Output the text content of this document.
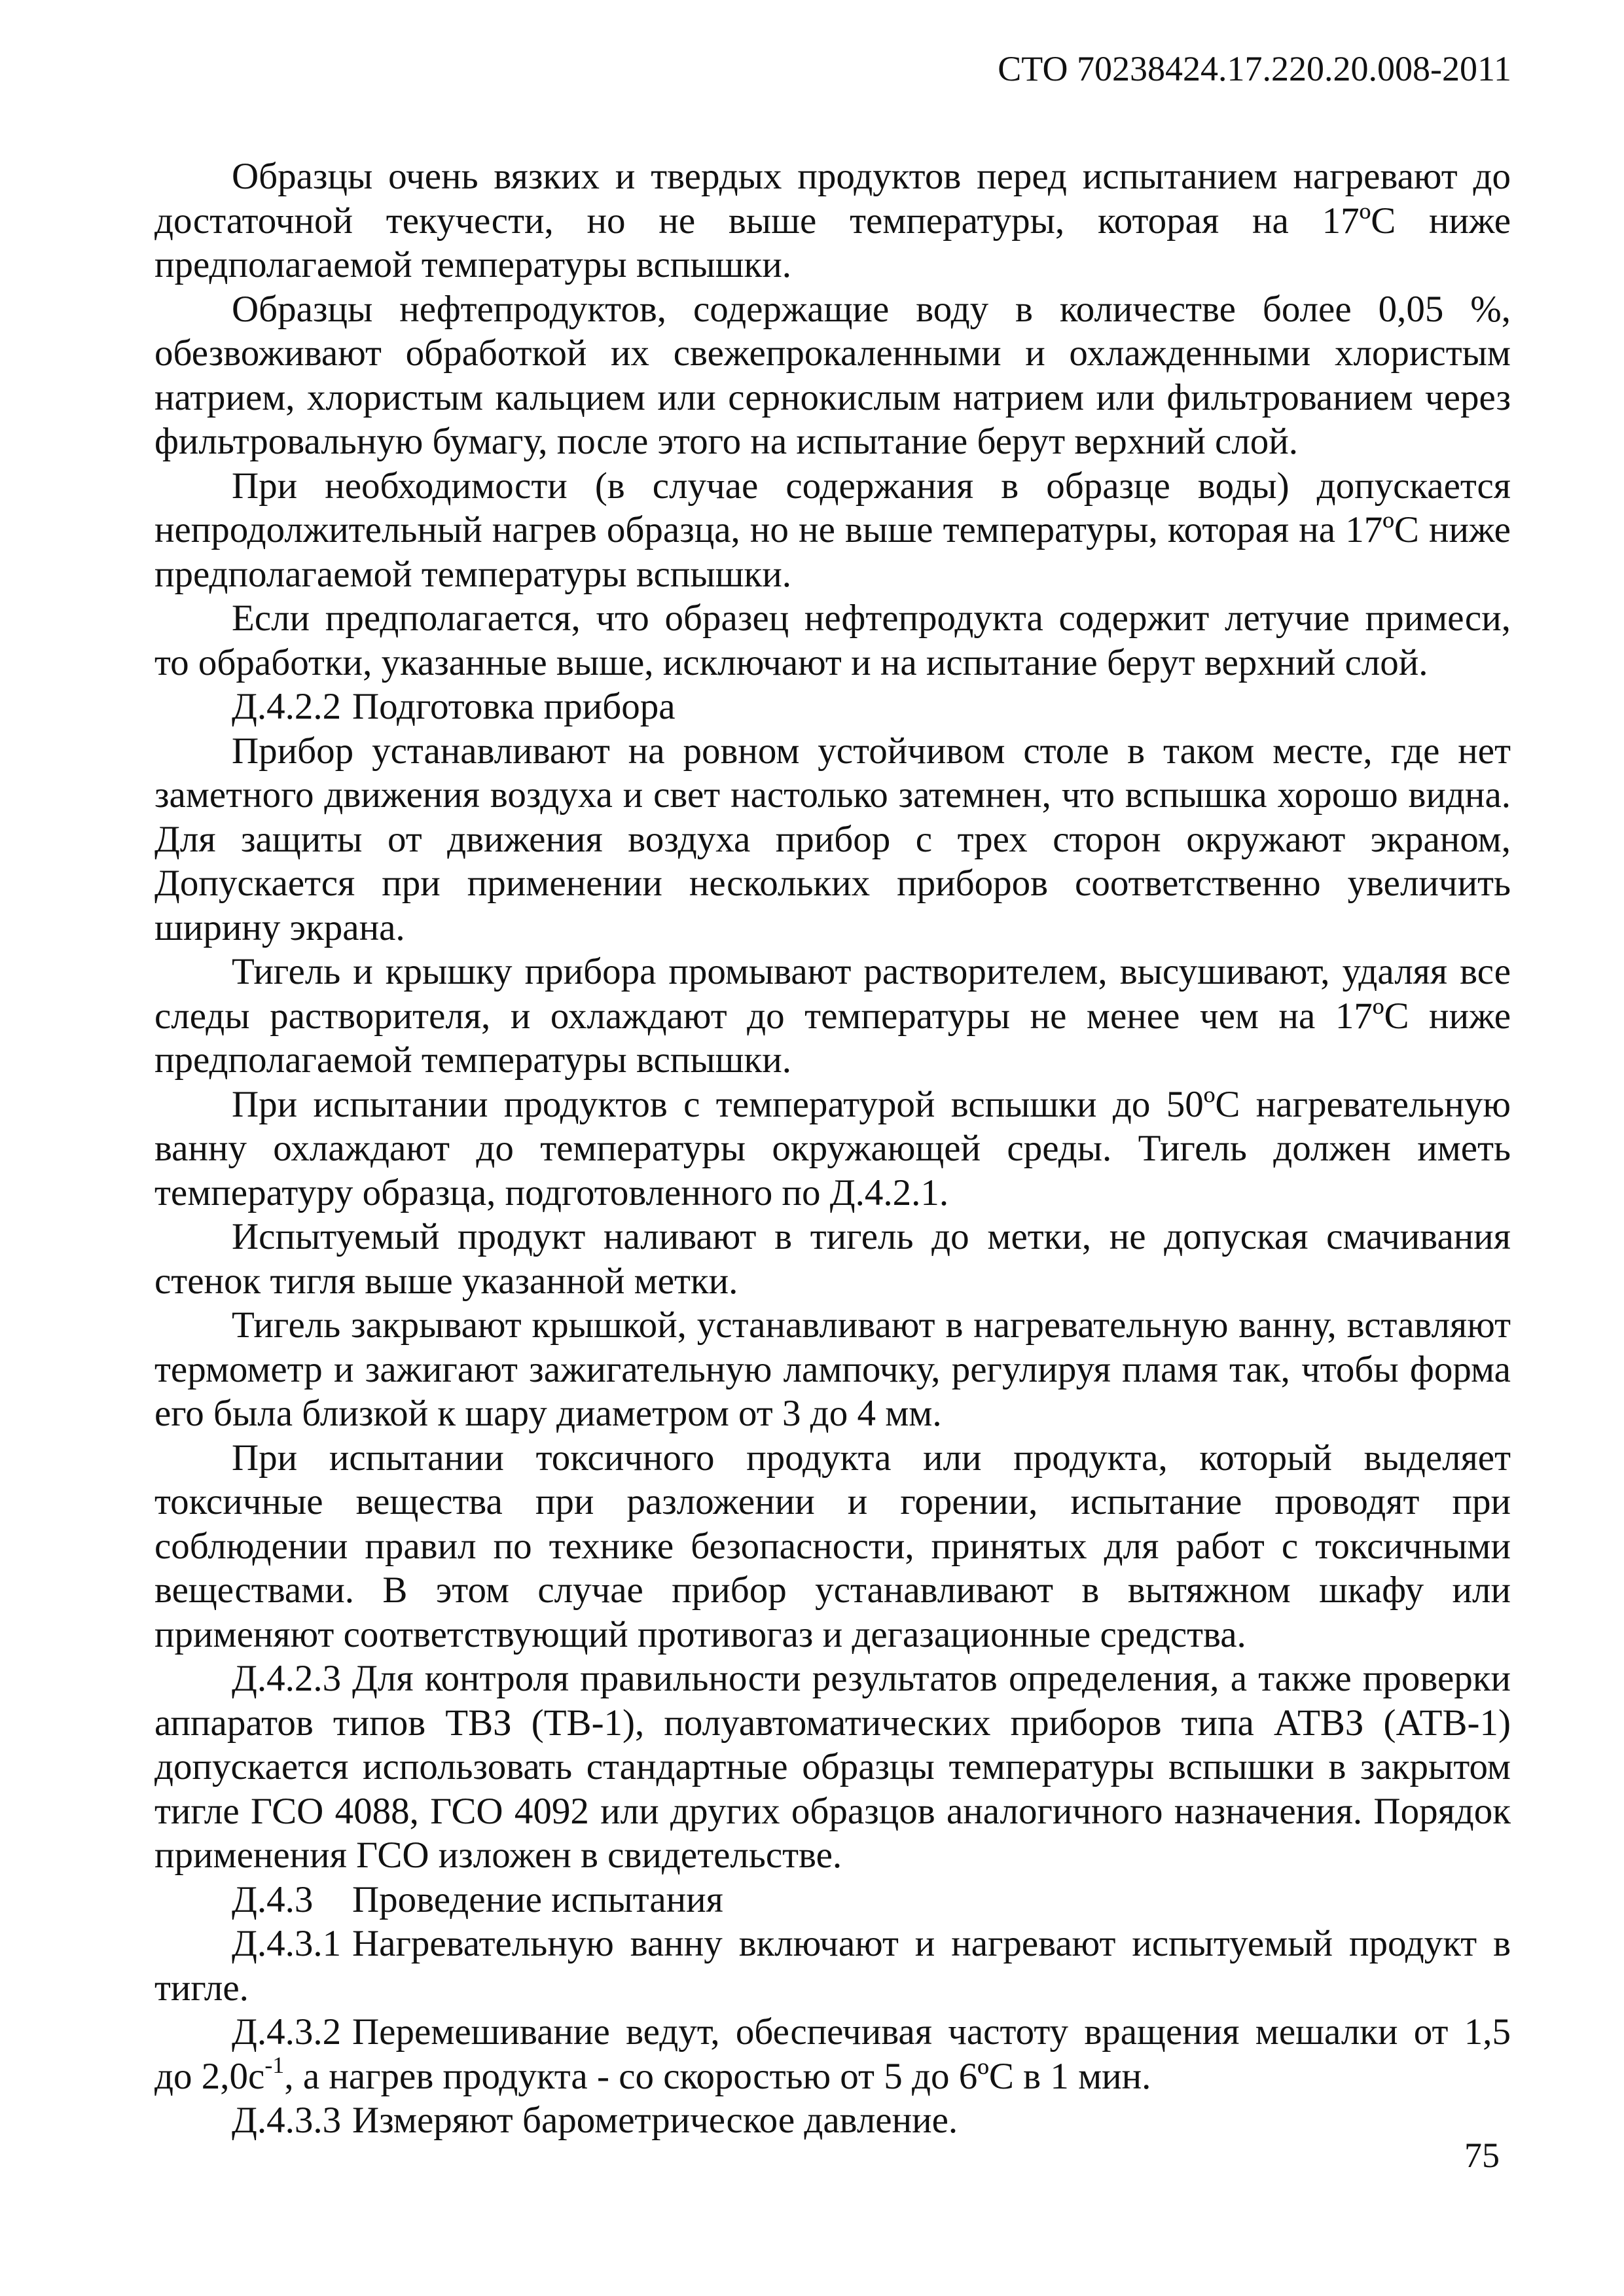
СТО 70238424.17.220.20.008-2011

Образцы очень вязких и твердых продуктов перед испытанием нагревают до достаточной текучести, но не выше температуры, которая на 17ºС ниже предполагаемой температуры вспышки.

Образцы нефтепродуктов, содержащие воду в количестве более 0,05 %, обезвоживают обработкой их свежепрокаленными и охлажденными хлористым натрием, хлористым кальцием или сернокислым натрием или фильтрованием через фильтровальную бумагу, после этого на испытание берут верхний слой.

При необходимости (в случае содержания в образце воды) допускается непродолжительный нагрев образца, но не выше температуры, которая на 17ºС ниже предполагаемой температуры вспышки.

Если предполагается, что образец нефтепродукта содержит летучие примеси, то обработки, указанные выше, исключают и на испытание берут верхний слой.

Д.4.2.2 Подготовка прибора

Прибор устанавливают на ровном устойчивом столе в таком месте, где нет заметного движения воздуха и свет настолько затемнен, что вспышка хорошо видна. Для защиты от движения воздуха прибор с трех сторон окружают экраном, Допускается при применении нескольких приборов соответственно увеличить ширину экрана.

Тигель и крышку прибора промывают растворителем, высушивают, удаляя все следы растворителя, и охлаждают до температуры не менее чем на 17ºС ниже предполагаемой температуры вспышки.

При испытании продуктов с температурой вспышки до 50ºС нагревательную ванну охлаждают до температуры окружающей среды. Тигель должен иметь температуру образца, подготовленного по Д.4.2.1.

Испытуемый продукт наливают в тигель до метки, не допуская смачивания стенок тигля выше указанной метки.

Тигель закрывают крышкой, устанавливают в нагревательную ванну, вставляют термометр и зажигают зажигательную лампочку, регулируя пламя так, чтобы форма его была близкой к шару диаметром от 3 до 4 мм.

При испытании токсичного продукта или продукта, который выделяет токсичные вещества при разложении и горении, испытание проводят при соблюдении правил по технике безопасности, принятых для работ с токсичными веществами. В этом случае прибор устанавливают в вытяжном шкафу или применяют соответствующий противогаз и дегазационные средства.

Д.4.2.3 Для контроля правильности результатов определения, а также проверки аппаратов типов ТВЗ (ТВ-1), полуавтоматических приборов типа АТВЗ (АТВ-1) допускается использовать стандартные образцы температуры вспышки в закрытом тигле ГСО 4088, ГСО 4092 или других образцов аналогичного назначения. Порядок применения ГСО изложен в свидетельстве.

Д.4.3 Проведение испытания

Д.4.3.1 Нагревательную ванну включают и нагревают испытуемый продукт в тигле.

Д.4.3.2 Перемешивание ведут, обеспечивая частоту вращения мешалки от 1,5 до $2,0с^{-1}$, а нагрев продукта - со скоростью от 5 до 6ºС в 1 мин.

Д.4.3.3 Измеряют барометрическое давление.

75
